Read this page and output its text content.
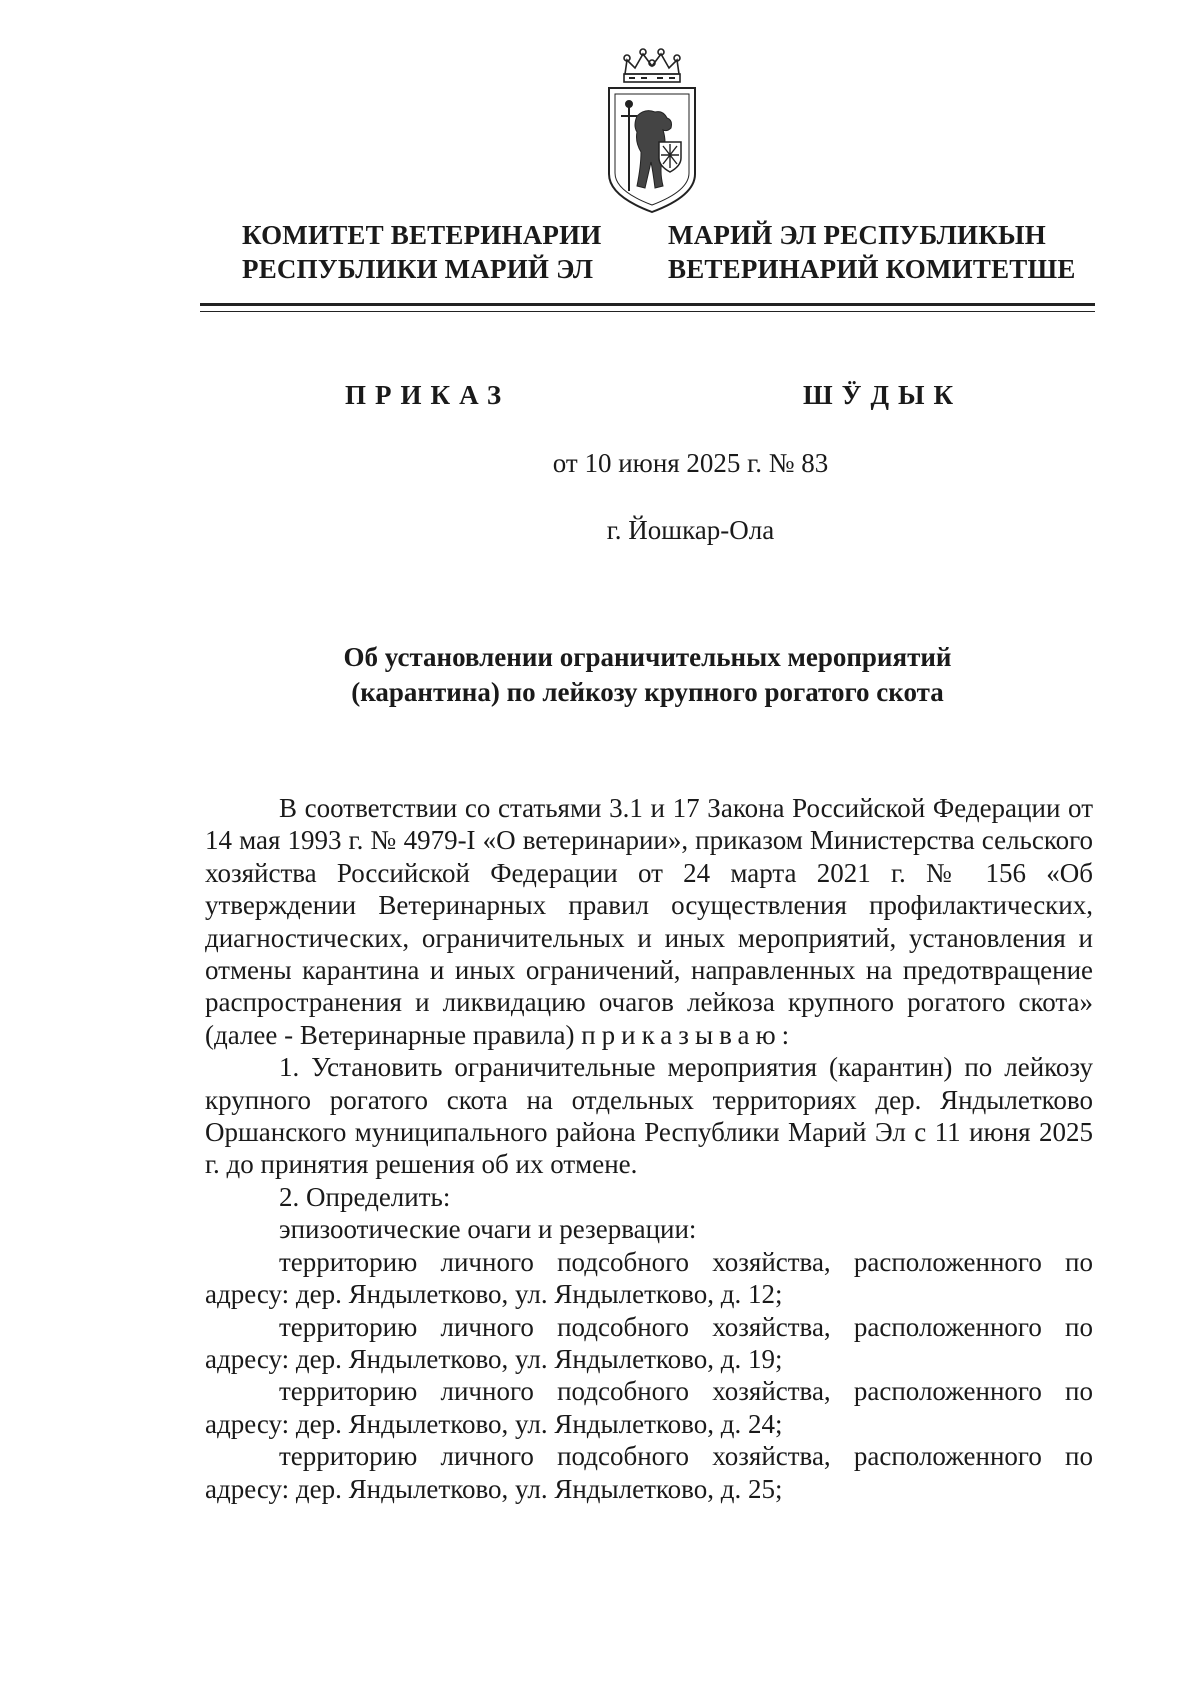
КОМИТЕТ ВЕТЕРИНАРИИ
РЕСПУБЛИКИ МАРИЙ ЭЛ
МАРИЙ ЭЛ РЕСПУБЛИКЫН
ВЕТЕРИНАРИЙ КОМИТЕТШЕ
ПРИКАЗ	ШӰДЫК
от 10 июня 2025 г. № 83
г. Йошкар-Ола
Об установлении ограничительных мероприятий
(карантина) по лейкозу крупного рогатого скота

В соответствии со статьями 3.1 и 17 Закона Российской Федерации от 14 мая 1993 г. № 4979-I «О ветеринарии», приказом Министерства сельского хозяйства Российской Федерации от 24 марта 2021 г. № 156 «Об утверждении Ветеринарных правил осуществления профилактических, диагностических, ограничительных и иных мероприятий, установления и отмены карантина и иных ограничений, направленных на предотвращение распространения и ликвидацию очагов лейкоза крупного рогатого скота» (далее - Ветеринарные правила) приказываю:

1. Установить ограничительные мероприятия (карантин) по лейкозу крупного рогатого скота на отдельных территориях дер. Яндылетково Оршанского муниципального района Республики Марий Эл с 11 июня 2025 г. до принятия решения об их отмене.

2. Определить:

эпизоотические очаги и резервации:

территорию личного подсобного хозяйства, расположенного по адресу: дер. Яндылетково, ул. Яндылетково, д. 12;

территорию личного подсобного хозяйства, расположенного по адресу: дер. Яндылетково, ул. Яндылетково, д. 19;

территорию личного подсобного хозяйства, расположенного по адресу: дер. Яндылетково, ул. Яндылетково, д. 24;

территорию личного подсобного хозяйства, расположенного по адресу: дер. Яндылетково, ул. Яндылетково, д. 25;
